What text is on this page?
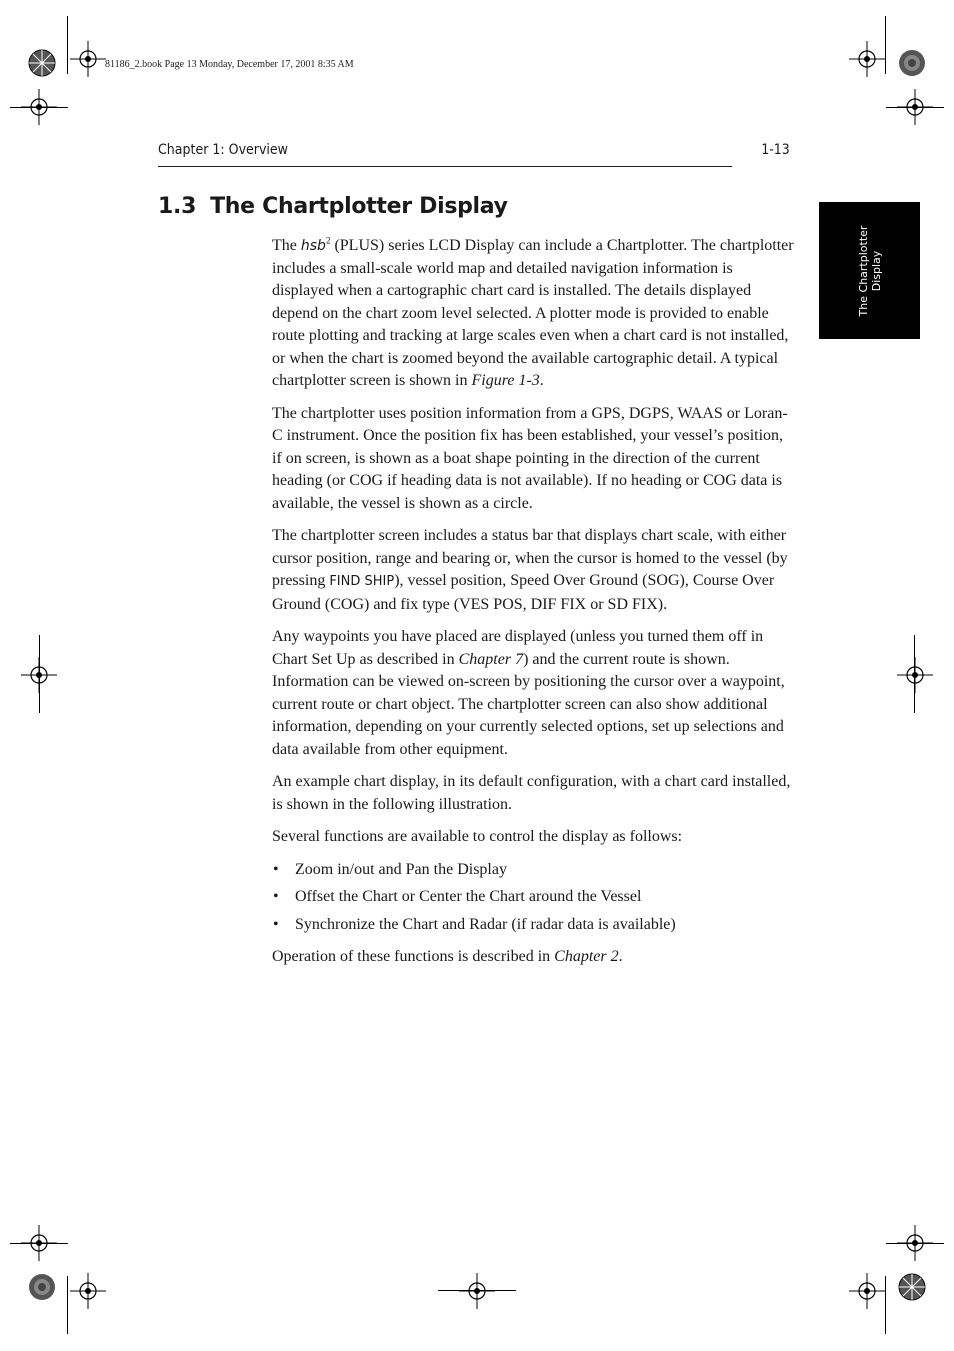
81186_2.book Page 13 Monday, December 17, 2001 8:35 AM
Chapter 1: Overview	1-13
The Chartplotter Display
1.3 The Chartplotter Display

The hsb$^2$ (PLUS) series LCD Display can include a Chartplotter. The chartplotter includes a small-scale world map and detailed navigation information is displayed when a cartographic chart card is installed. The details displayed depend on the chart zoom level selected. A plotter mode is provided to enable route plotting and tracking at large scales even when a chart card is not installed, or when the chart is zoomed beyond the available cartographic detail. A typical chartplotter screen is shown in Figure 1-3.

The chartplotter uses position information from a GPS, DGPS, WAAS or Loran-C instrument. Once the position fix has been established, your vessel’s position, if on screen, is shown as a boat shape pointing in the direction of the current heading (or COG if heading data is not available). If no heading or COG data is available, the vessel is shown as a circle.

The chartplotter screen includes a status bar that displays chart scale, with either cursor position, range and bearing or, when the cursor is homed to the vessel (by pressing FIND SHIP), vessel position, Speed Over Ground (SOG), Course Over Ground (COG) and fix type (VES POS, DIF FIX or SD FIX).

Any waypoints you have placed are displayed (unless you turned them off in Chart Set Up as described in Chapter 7) and the current route is shown. Information can be viewed on-screen by positioning the cursor over a waypoint, current route or chart object. The chartplotter screen can also show additional information, depending on your currently selected options, set up selections and data available from other equipment.

An example chart display, in its default configuration, with a chart card installed, is shown in the following illustration.

Several functions are available to control the display as follows:

• Zoom in/out and Pan the Display
• Offset the Chart or Center the Chart around the Vessel
• Synchronize the Chart and Radar (if radar data is available)

Operation of these functions is described in Chapter 2.
